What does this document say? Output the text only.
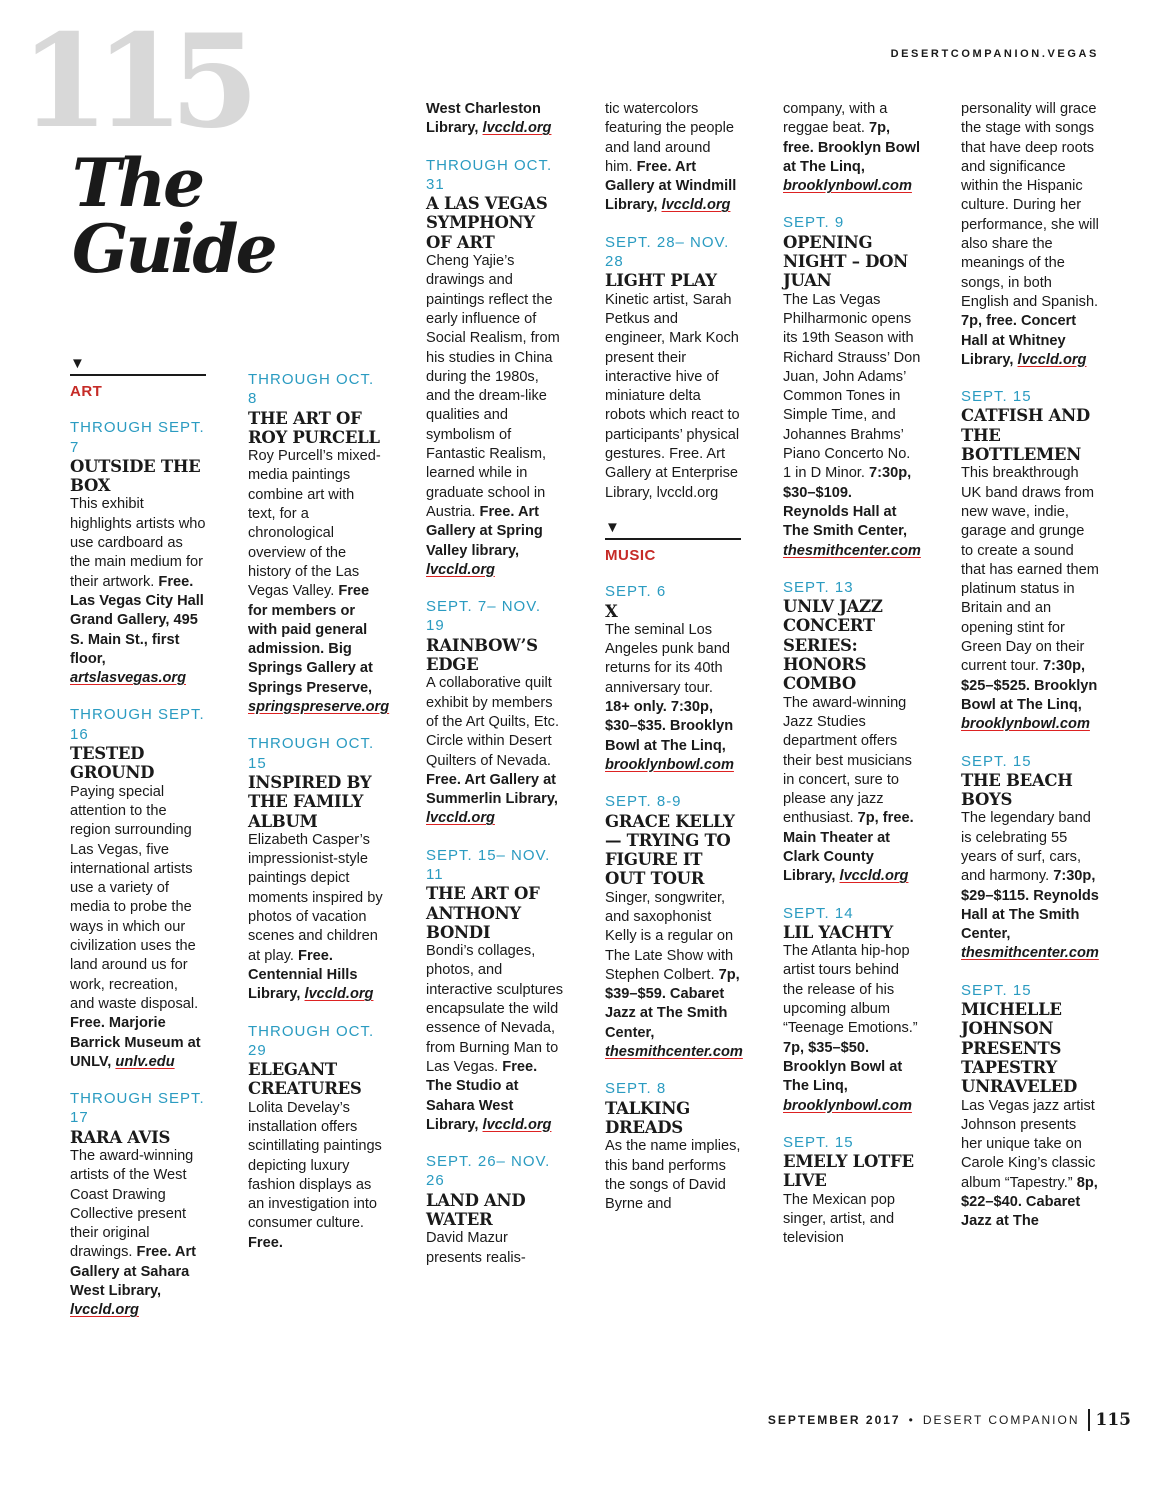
115	DESERTCOMPANION.VEGAS
The
Guide
▼
ART
THROUGH SEPT. 7
OUTSIDE THE BOX
This exhibit highlights artists who use cardboard as the main medium for their artwork. Free. Las Vegas City Hall Grand Gallery, 495 S. Main St., first floor, artslasvegas.org
THROUGH SEPT. 16
TESTED GROUND
Paying special attention to the region surrounding Las Vegas, five international artists use a variety of media to probe the ways in which our civilization uses the land around us for work, recreation, and waste disposal. Free. Marjorie Barrick Museum at UNLV, unlv.edu
THROUGH SEPT. 17
RARA AVIS
The award-winning artists of the West Coast Drawing Collective present their original drawings. Free. Art Gallery at Sahara West Library, lvccld.org
THROUGH OCT. 8
THE ART OF ROY PURCELL
Roy Purcell’s mixed-media paintings combine art with text, for a chronological overview of the history of the Las Vegas Valley. Free for members or with paid general admission. Big Springs Gallery at Springs Preserve, springspreserve.org
THROUGH OCT. 15
INSPIRED BY THE FAMILY ALBUM
Elizabeth Casper’s impressionist-style paintings depict moments inspired by photos of vacation scenes and children at play. Free. Centennial Hills Library, lvccld.org
THROUGH OCT. 29
ELEGANT CREATURES
Lolita Develay’s installation offers scintillating paintings depicting luxury fashion displays as an investigation into consumer culture. Free.
West Charleston Library, lvccld.org
THROUGH OCT. 31
A LAS VEGAS SYMPHONY OF ART
Cheng Yajie’s drawings and paintings reflect the early influence of Social Realism, from his studies in China during the 1980s, and the dream-like qualities and symbolism of Fantastic Realism, learned while in graduate school in Austria. Free. Art Gallery at Spring Valley library, lvccld.org
SEPT. 7– NOV. 19
RAINBOW’S EDGE
A collaborative quilt exhibit by members of the Art Quilts, Etc. Circle within Desert Quilters of Nevada. Free. Art Gallery at Summerlin Library, lvccld.org
SEPT. 15– NOV. 11
THE ART OF ANTHONY BONDI
Bondi’s collages, photos, and interactive sculptures encapsulate the wild essence of Nevada, from Burning Man to Las Vegas. Free. The Studio at Sahara West Library, lvccld.org
SEPT. 26– NOV. 26
LAND AND WATER
David Mazur presents realis-
tic watercolors featuring the people and land around him. Free. Art Gallery at Windmill Library, lvccld.org
SEPT. 28– NOV. 28
LIGHT PLAY
Kinetic artist, Sarah Petkus and engineer, Mark Koch present their interactive hive of miniature delta robots which react to participants’ physical gestures. Free. Art Gallery at Enterprise Library, lvccld.org
▼
MUSIC
SEPT. 6
X
The seminal Los Angeles punk band returns for its 40th anniversary tour. 18+ only. 7:30p, $30–$35. Brooklyn Bowl at The Linq, brooklynbowl.com
SEPT. 8-9
GRACE KELLY — TRYING TO FIGURE IT OUT TOUR
Singer, songwriter, and saxophonist Kelly is a regular on The Late Show with Stephen Colbert. 7p, $39–$59. Cabaret Jazz at The Smith Center, thesmithcenter.com
SEPT. 8
TALKING DREADS
As the name implies, this band performs the songs of David Byrne and
company, with a reggae beat. 7p, free. Brooklyn Bowl at The Linq, brooklynbowl.com
SEPT. 9
OPENING NIGHT – DON JUAN
The Las Vegas Philharmonic opens its 19th Season with Richard Strauss’ Don Juan, John Adams’ Common Tones in Simple Time, and Johannes Brahms’ Piano Concerto No. 1 in D Minor. 7:30p, $30–$109. Reynolds Hall at The Smith Center, thesmithcenter.com
SEPT. 13
UNLV JAZZ CONCERT SERIES: HONORS COMBO
The award-winning Jazz Studies department offers their best musicians in concert, sure to please any jazz enthusiast. 7p, free. Main Theater at Clark County Library, lvccld.org
SEPT. 14
LIL YACHTY
The Atlanta hip-hop artist tours behind the release of his upcoming album “Teenage Emotions.” 7p, $35–$50. Brooklyn Bowl at The Linq, brooklynbowl.com
SEPT. 15
EMELY LOTFE LIVE
The Mexican pop singer, artist, and television
personality will grace the stage with songs that have deep roots and significance within the Hispanic culture. During her performance, she will also share the meanings of the songs, in both English and Spanish. 7p, free. Concert Hall at Whitney Library, lvccld.org
SEPT. 15
CATFISH AND THE BOTTLEMEN
This breakthrough UK band draws from new wave, indie, garage and grunge to create a sound that has earned them platinum status in Britain and an opening stint for Green Day on their current tour. 7:30p, $25–$525. Brooklyn Bowl at The Linq, brooklynbowl.com
SEPT. 15
THE BEACH BOYS
The legendary band is celebrating 55 years of surf, cars, and harmony. 7:30p, $29–$115. Reynolds Hall at The Smith Center, thesmithcenter.com
SEPT. 15
MICHELLE JOHNSON PRESENTS TAPESTRY UNRAVELED
Las Vegas jazz artist Johnson presents her unique take on Carole King’s classic album “Tapestry.” 8p, $22–$40. Cabaret Jazz at The
SEPTEMBER 2017 • DESERT COMPANION 115
